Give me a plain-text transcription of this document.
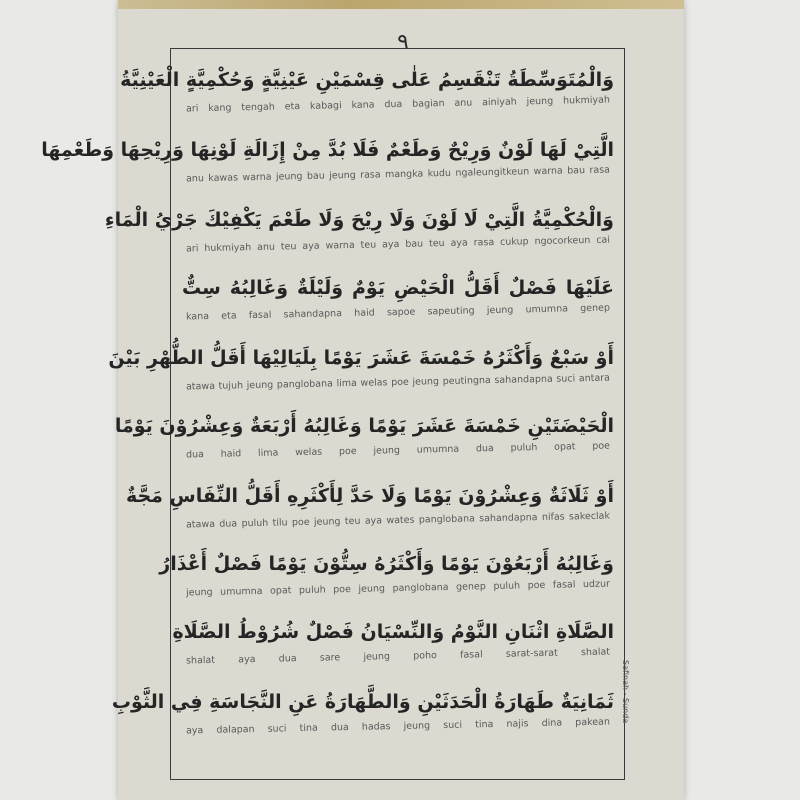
٩
وَالْمُتَوَسِّطَةُ تَنْقَسِمُ عَلٰى قِسْمَيْنِ عَيْنِيَّةٍ وَحُكْمِيَّةٍ الْعَيْنِيَّةُ
ari kang tengah eta kabagi kana dua bagian anu ainiyah jeung hukmiyah
الَّتِيْ لَهَا لَوْنٌ وَرِيْحٌ وَطَعْمٌ فَلَا بُدَّ مِنْ إِزَالَةِ لَوْنِهَا وَرِيْحِهَا وَطَعْمِهَا
anu kawas warna jeung bau jeung rasa mangka kudu ngaleungitkeun warna bau rasa
وَالْحُكْمِيَّةُ الَّتِيْ لَا لَوْنَ وَلَا رِيْحَ وَلَا طَعْمَ يَكْفِيْكَ جَرْيُ الْمَاءِ
ari hukmiyah anu teu aya warna teu aya bau teu aya rasa cukup ngocorkeun cai
عَلَيْهَا فَصْلٌ أَقَلُّ الْحَيْضِ يَوْمٌ وَلَيْلَةٌ وَغَالِبُهُ سِتٌّ
kana eta fasal sahandapna haid sapoe sapeuting jeung umumna genep
أَوْ سَبْعٌ وَأَكْثَرُهُ خَمْسَةَ عَشَرَ يَوْمًا بِلَيَالِيْهَا أَقَلُّ الطُّهْرِ بَيْنَ
atawa tujuh jeung panglobana lima welas poe jeung peutingna sahandapna suci antara
الْحَيْضَتَيْنِ خَمْسَةَ عَشَرَ يَوْمًا وَغَالِبُهُ أَرْبَعَةٌ وَعِشْرُوْنَ يَوْمًا
dua haid lima welas poe jeung umumna dua puluh opat poe
أَوْ ثَلَاثَةٌ وَعِشْرُوْنَ يَوْمًا وَلَا حَدَّ لِأَكْثَرِهِ أَقَلُّ النِّفَاسِ مَجَّةٌ
atawa dua puluh tilu poe jeung teu aya wates panglobana sahandapna nifas sakeclak
وَغَالِبُهُ أَرْبَعُوْنَ يَوْمًا وَأَكْثَرُهُ سِتُّوْنَ يَوْمًا فَصْلٌ أَعْذَارُ
jeung umumna opat puluh poe jeung panglobana genep puluh poe fasal udzur
الصَّلَاةِ اثْنَانِ النَّوْمُ وَالنِّسْيَانُ فَصْلٌ شُرُوْطُ الصَّلَاةِ
shalat aya dua sare jeung poho fasal sarat-sarat shalat
ثَمَانِيَةٌ طَهَارَةُ الْحَدَثَيْنِ وَالطَّهَارَةُ عَنِ النَّجَاسَةِ فِي الثَّوْبِ
aya dalapan suci tina dua hadas jeung suci tina najis dina pakean
Safinah - Sunda
